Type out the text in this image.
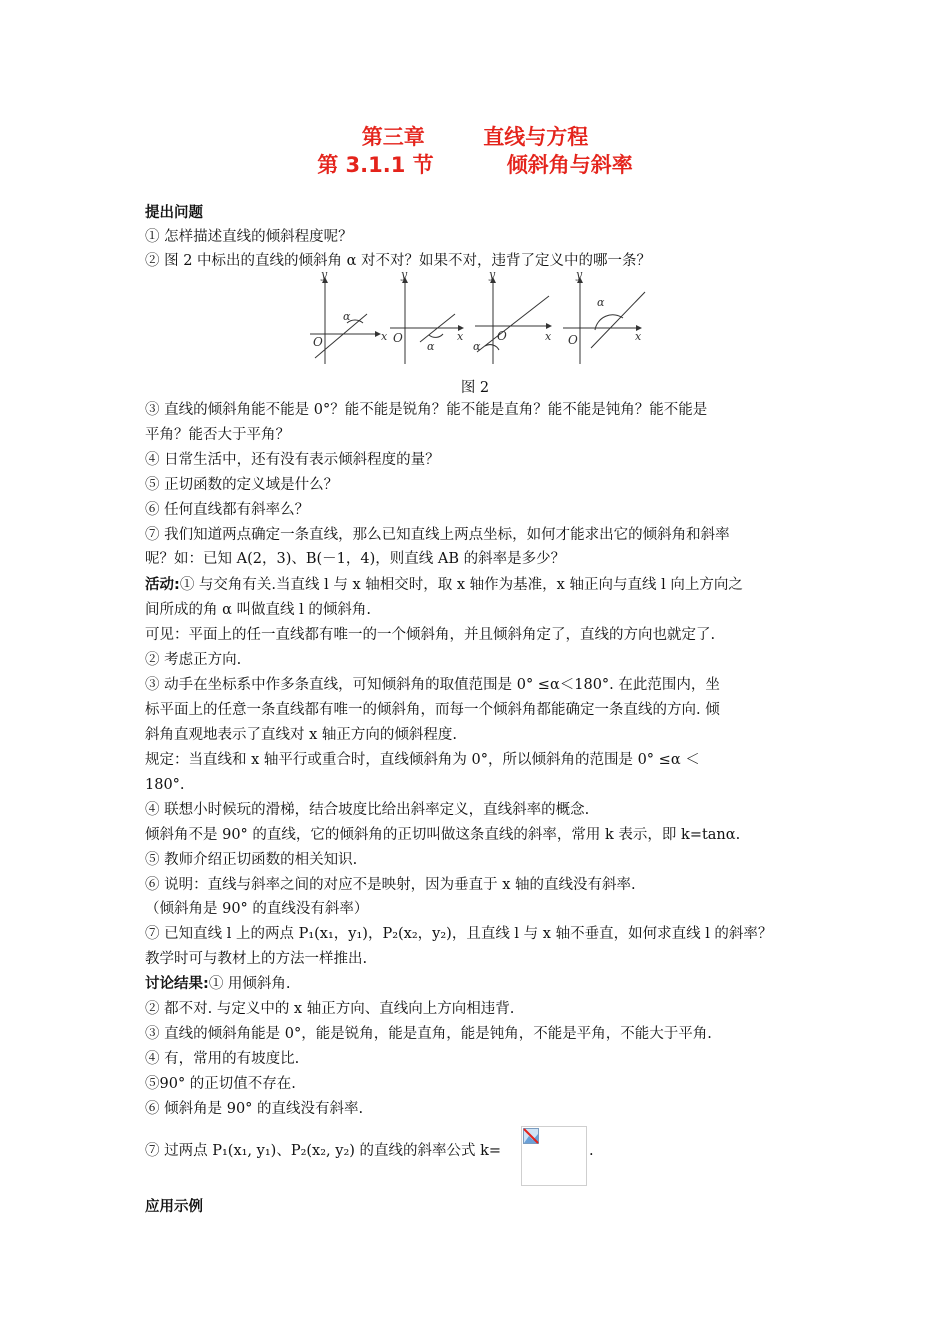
第三章        直线与方程
第 3.1.1 节          倾斜角与斜率
提出问题
① 怎样描述直线的倾斜程度呢？
② 图 2 中标出的直线的倾斜角 α 对不对？如果不对，违背了定义中的哪一条？
y
x
O
α
y
x
O
α
y
x
O
α
y
x
O
α
图 2
③ 直线的倾斜角能不能是 0°？能不能是锐角？能不能是直角？能不能是钝角？能不能是
平角？能否大于平角？
④ 日常生活中，还有没有表示倾斜程度的量？
⑤ 正切函数的定义域是什么？
⑥ 任何直线都有斜率么？
⑦ 我们知道两点确定一条直线，那么已知直线上两点坐标，如何才能求出它的倾斜角和斜率
呢？如：已知 A(2，3)、B(－1，4)，则直线 AB 的斜率是多少？
活动:① 与交角有关.当直线 l 与 x 轴相交时，取 x 轴作为基准，x 轴正向与直线 l 向上方向之
间所成的角 α 叫做直线 l 的倾斜角.
可见：平面上的任一直线都有唯一的一个倾斜角，并且倾斜角定了，直线的方向也就定了.
② 考虑正方向.
③ 动手在坐标系中作多条直线，可知倾斜角的取值范围是 0° ≤α＜180°. 在此范围内，坐
标平面上的任意一条直线都有唯一的倾斜角，而每一个倾斜角都能确定一条直线的方向. 倾
斜角直观地表示了直线对 x 轴正方向的倾斜程度.
规定：当直线和 x 轴平行或重合时，直线倾斜角为 0°，所以倾斜角的范围是 0° ≤α ＜
180°.
④ 联想小时候玩的滑梯，结合坡度比给出斜率定义，直线斜率的概念.
倾斜角不是 90° 的直线，它的倾斜角的正切叫做这条直线的斜率，常用 k 表示，即 k=tanα.
⑤ 教师介绍正切函数的相关知识.
⑥ 说明：直线与斜率之间的对应不是映射，因为垂直于 x 轴的直线没有斜率.
（倾斜角是 90° 的直线没有斜率）
⑦ 已知直线 l 上的两点 P₁(x₁，y₁)，P₂(x₂，y₂)，且直线 l 与 x 轴不垂直，如何求直线 l 的斜率？
教学时可与教材上的方法一样推出.
讨论结果:① 用倾斜角.
② 都不对. 与定义中的 x 轴正方向、直线向上方向相违背.
③ 直线的倾斜角能是 0°，能是锐角，能是直角，能是钝角，不能是平角，不能大于平角.
④ 有，常用的有坡度比.
⑤90° 的正切值不存在.
⑥ 倾斜角是 90° 的直线没有斜率.
⑦ 过两点 P₁(x₁, y₁)、P₂(x₂, y₂) 的直线的斜率公式 k=	.
应用示例
